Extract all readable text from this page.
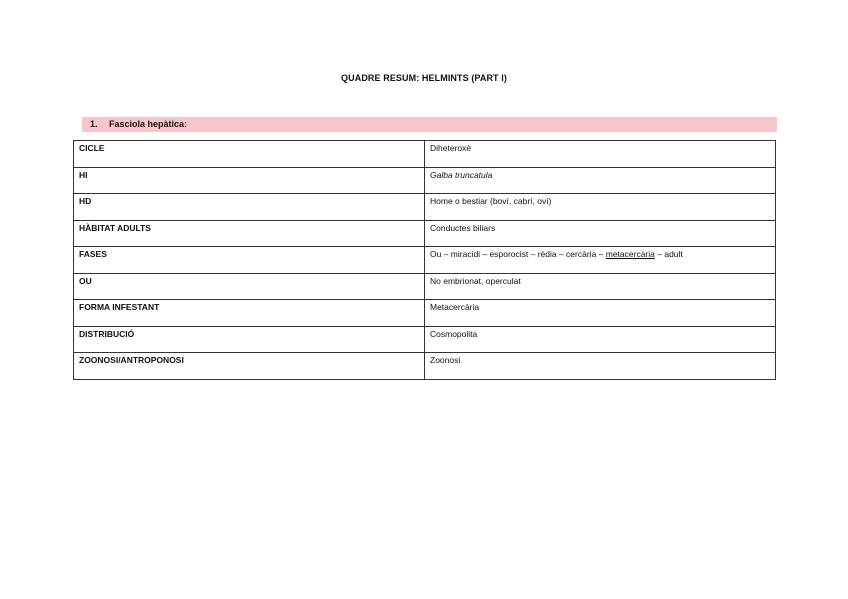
QUADRE RESUM: HELMINTS (PART I)
1. Fasciola hepàtica:
CICLE	Diheteroxè
HI	Galba truncatula
HD	Home o bestiar (boví, cabrí, oví)
HÀBITAT ADULTS	Conductes biliars
FASES	Ou – miracidi – esporocist – rèdia – cercària – metacercària – adult
OU	No embrionat, operculat
FORMA INFESTANT	Metacercària
DISTRIBUCIÓ	Cosmopolita
ZOONOSI/ANTROPONOSI	Zoonosi
